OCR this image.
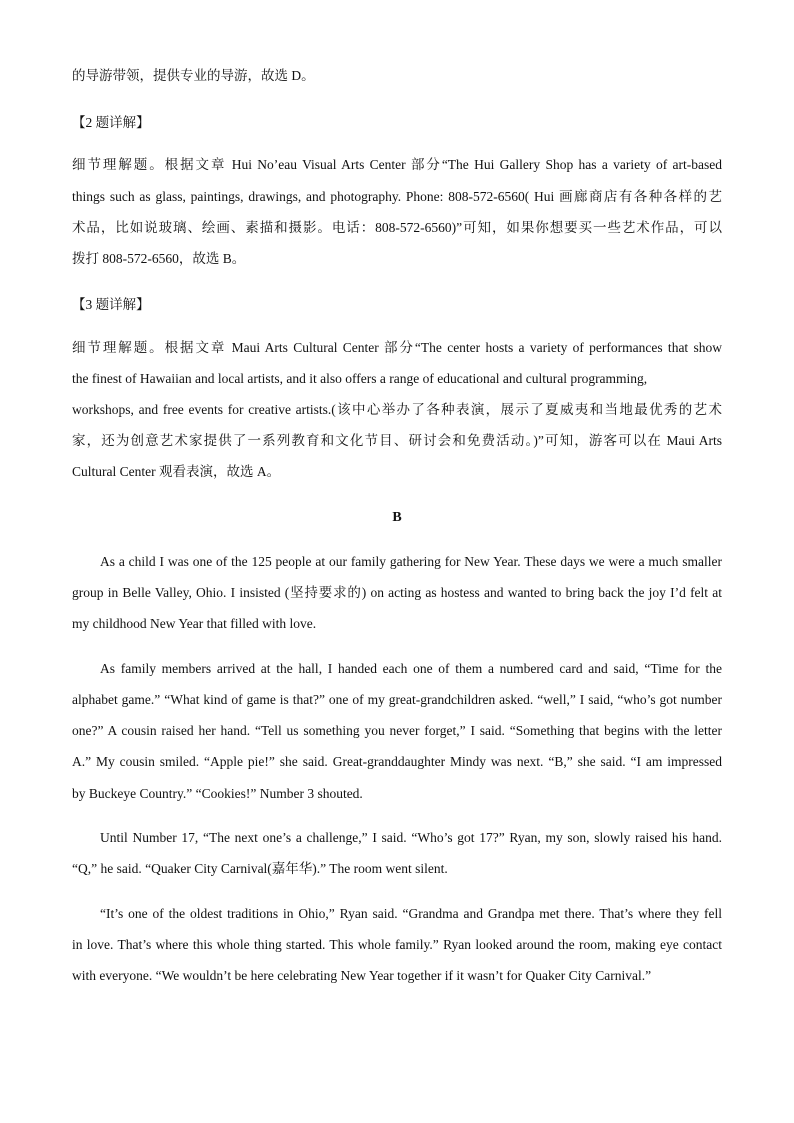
的导游带领，提供专业的导游，故选 D。
【2 题详解】
细节理解题。根据文章 Hui No’eau Visual Arts Center 部分“The Hui Gallery Shop has a variety of art-based
things such as glass, paintings, drawings, and photography. Phone: 808-572-6560( Hui 画廊商店有各种各样的艺
术品，比如说玻璃、绘画、素描和摄影。电话：808-572-6560)”可知，如果你想要买一些艺术作品，可以
拨打 808-572-6560，故选 B。
【3 题详解】
细节理解题。根据文章 Maui Arts Cultural Center 部分“The center hosts a variety of performances that show
the finest of Hawaiian and local artists, and it also offers a range of educational and cultural programming,
workshops, and free events for creative artists.(该中心举办了各种表演，展示了夏威夷和当地最优秀的艺术
家，还为创意艺术家提供了一系列教育和文化节目、研讨会和免费活动。)”可知，游客可以在 Maui Arts
Cultural Center 观看表演，故选 A。
B
As a child I was one of the 125 people at our family gathering for New Year. These days we were a much smaller
group in Belle Valley, Ohio. I insisted (坚持要求的) on acting as hostess and wanted to bring back the joy I’d felt at
my childhood New Year that filled with love.
As family members arrived at the hall, I handed each one of them a numbered card and said, “Time for the
alphabet game.” “What kind of game is that?” one of my great-grandchildren asked. “well,” I said, “who’s got number
one?” A cousin raised her hand. “Tell us something you never forget,” I said. “Something that begins with the letter
A.” My cousin smiled. “Apple pie!” she said. Great-granddaughter Mindy was next. “B,” she said. “I am impressed
by Buckeye Country.” “Cookies!” Number 3 shouted.
Until Number 17, “The next one’s a challenge,” I said. “Who’s got 17?” Ryan, my son, slowly raised his hand.
“Q,” he said. “Quaker City Carnival(嘉年华).” The room went silent.
“It’s one of the oldest traditions in Ohio,” Ryan said. “Grandma and Grandpa met there. That’s where they fell
in love. That’s where this whole thing started. This whole family.” Ryan looked around the room, making eye contact
with everyone. “We wouldn’t be here celebrating New Year together if it wasn’t for Quaker City Carnival.”
